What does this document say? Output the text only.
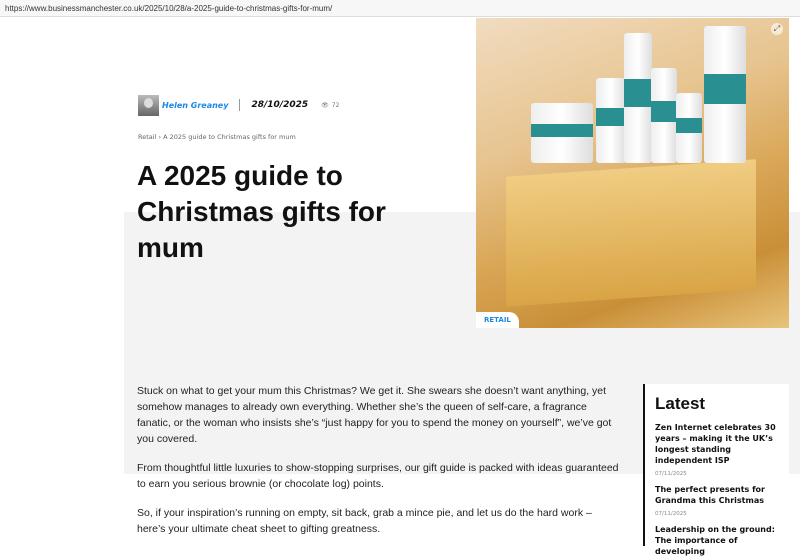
https://www.businessmanchester.co.uk/2025/10/28/a-2025-guide-to-christmas-gifts-for-mum/
Helen Greaney	28/10/2025 👁 72
Retail › A 2025 guide to Christmas gifts for mum
A 2025 guide to Christmas gifts for mum
⤢
RETAIL

Stuck on what to get your mum this Christmas? We get it. She swears she doesn’t want anything, yet somehow manages to already own everything. Whether she’s the queen of self-care, a fragrance fanatic, or the woman who insists she’s “just happy for you to spend the money on yourself”, we’ve got you covered.

From thoughtful little luxuries to show-stopping surprises, our gift guide is packed with ideas guaranteed to earn you serious brownie (or chocolate log) points.

So, if your inspiration’s running on empty, sit back, grab a mince pie, and let us do the hard work – here’s your ultimate cheat sheet to gifting greatness.

Latest
Zen Internet celebrates 30 years – making it the UK’s longest standing independent ISP
07/11/2025
The perfect presents for Grandma this Christmas
07/11/2025
Leadership on the ground: The importance of developing
